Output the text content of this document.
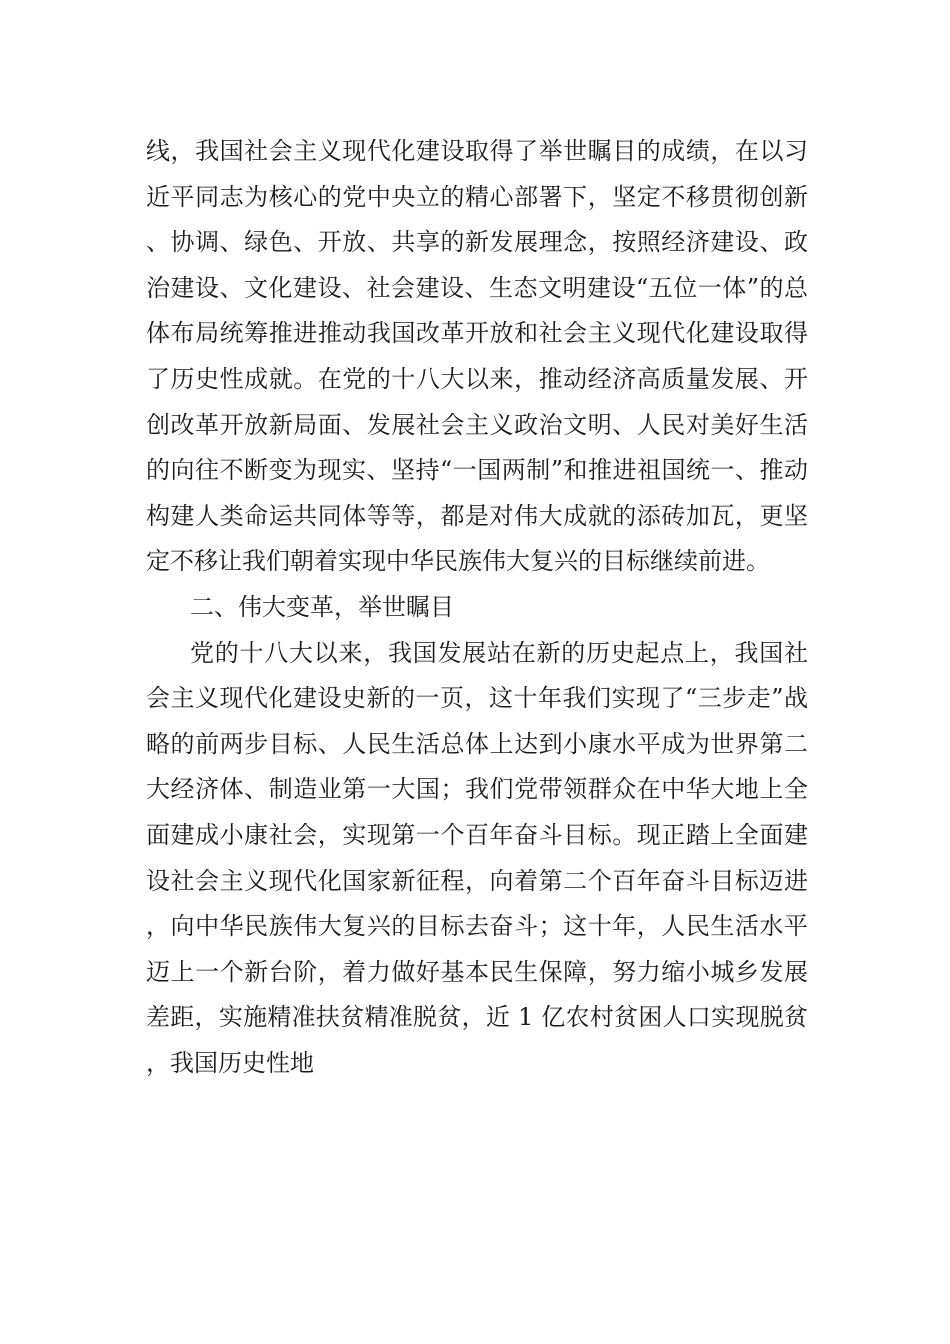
线，我国社会主义现代化建设取得了举世瞩目的成绩，在以习近平同志为核心的党中央立的精心部署下，坚定不移贯彻创新、协调、绿色、开放、共享的新发展理念，按照经济建设、政治建设、文化建设、社会建设、生态文明建设“五位一体”的总体布局统筹推进推动我国改革开放和社会主义现代化建设取得了历史性成就。在党的十八大以来，推动经济高质量发展、开创改革开放新局面、发展社会主义政治文明、人民对美好生活的向往不断变为现实、坚持“一国两制”和推进祖国统一、推动构建人类命运共同体等等，都是对伟大成就的添砖加瓦，更坚定不移让我们朝着实现中华民族伟大复兴的目标继续前进。

二、伟大变革，举世瞩目

党的十八大以来，我国发展站在新的历史起点上，我国社会主义现代化建设史新的一页，这十年我们实现了“三步走”战略的前两步目标、人民生活总体上达到小康水平成为世界第二大经济体、制造业第一大国；我们党带领群众在中华大地上全面建成小康社会，实现第一个百年奋斗目标。现正踏上全面建设社会主义现代化国家新征程，向着第二个百年奋斗目标迈进，向中华民族伟大复兴的目标去奋斗；这十年，人民生活水平迈上一个新台阶，着力做好基本民生保障，努力缩小城乡发展差距，实施精准扶贫精准脱贫，近 1 亿农村贫困人口实现脱贫，我国历史性地
